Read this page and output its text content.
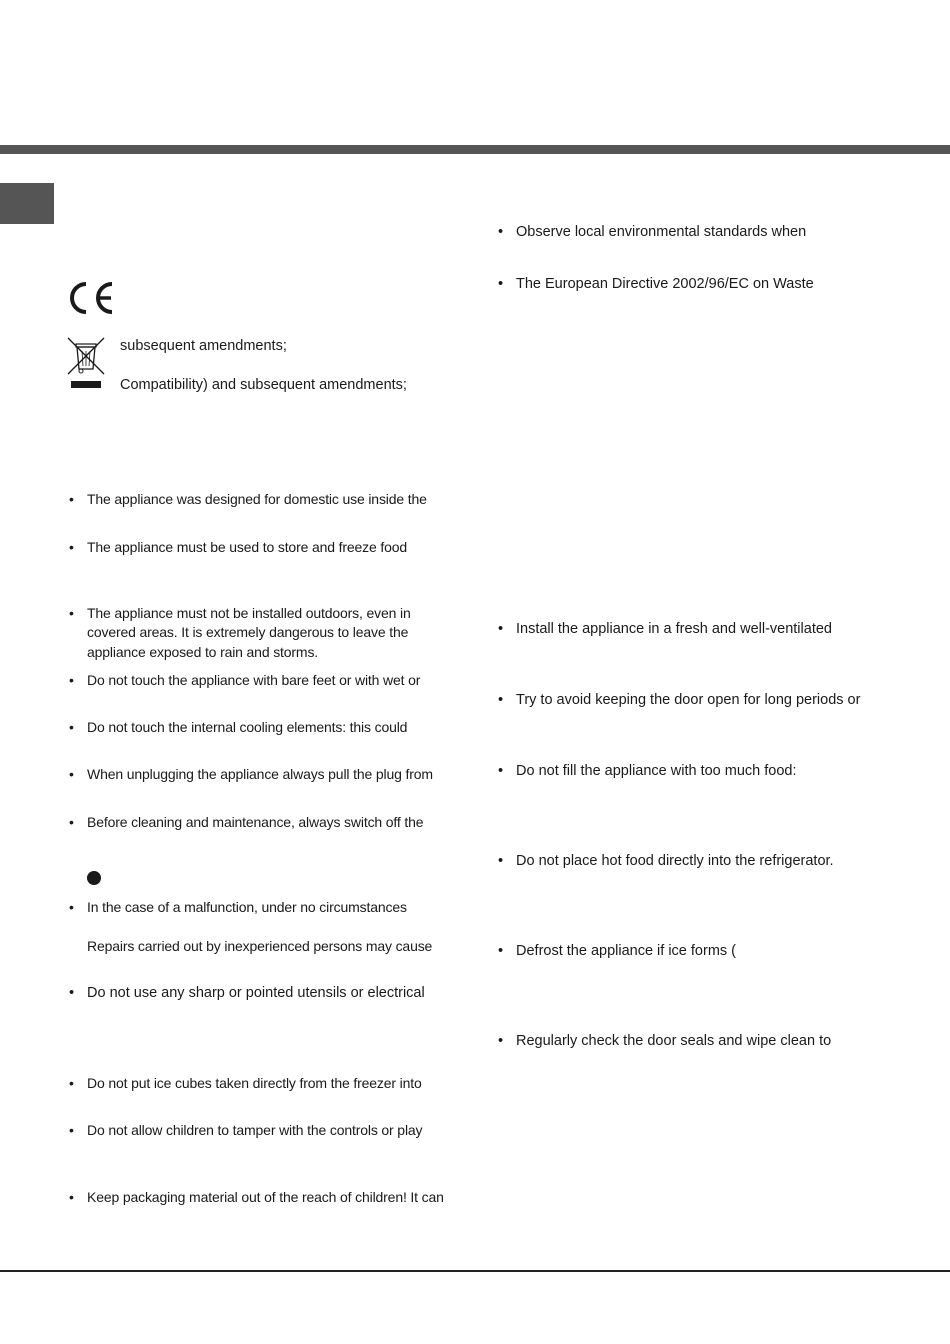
subsequent amendments;
Compatibility) and subsequent amendments;
• The appliance was designed for domestic use inside the
• The appliance must be used to store and freeze food
• The appliance must not be installed outdoors, even in
covered areas. It is extremely dangerous to leave the
appliance exposed to rain and storms.
• Do not touch the appliance with bare feet or with wet or
• Do not touch the internal cooling elements: this could
• When unplugging the appliance always pull the plug from
• Before cleaning and maintenance, always switch off the
• In the case of a malfunction, under no circumstances
Repairs carried out by inexperienced persons may cause
• Do not use any sharp or pointed utensils or electrical
• Do not put ice cubes taken directly from the freezer into
• Do not allow children to tamper with the controls or play
• Keep packaging material out of the reach of children! It can
• Observe local environmental standards when
• The European Directive 2002/96/EC on Waste
• Install the appliance in a fresh and well-ventilated
• Try to avoid keeping the door open for long periods or
• Do not fill the appliance with too much food:
• Do not place hot food directly into the refrigerator.
• Defrost the appliance if ice forms (
• Regularly check the door seals and wipe clean to
